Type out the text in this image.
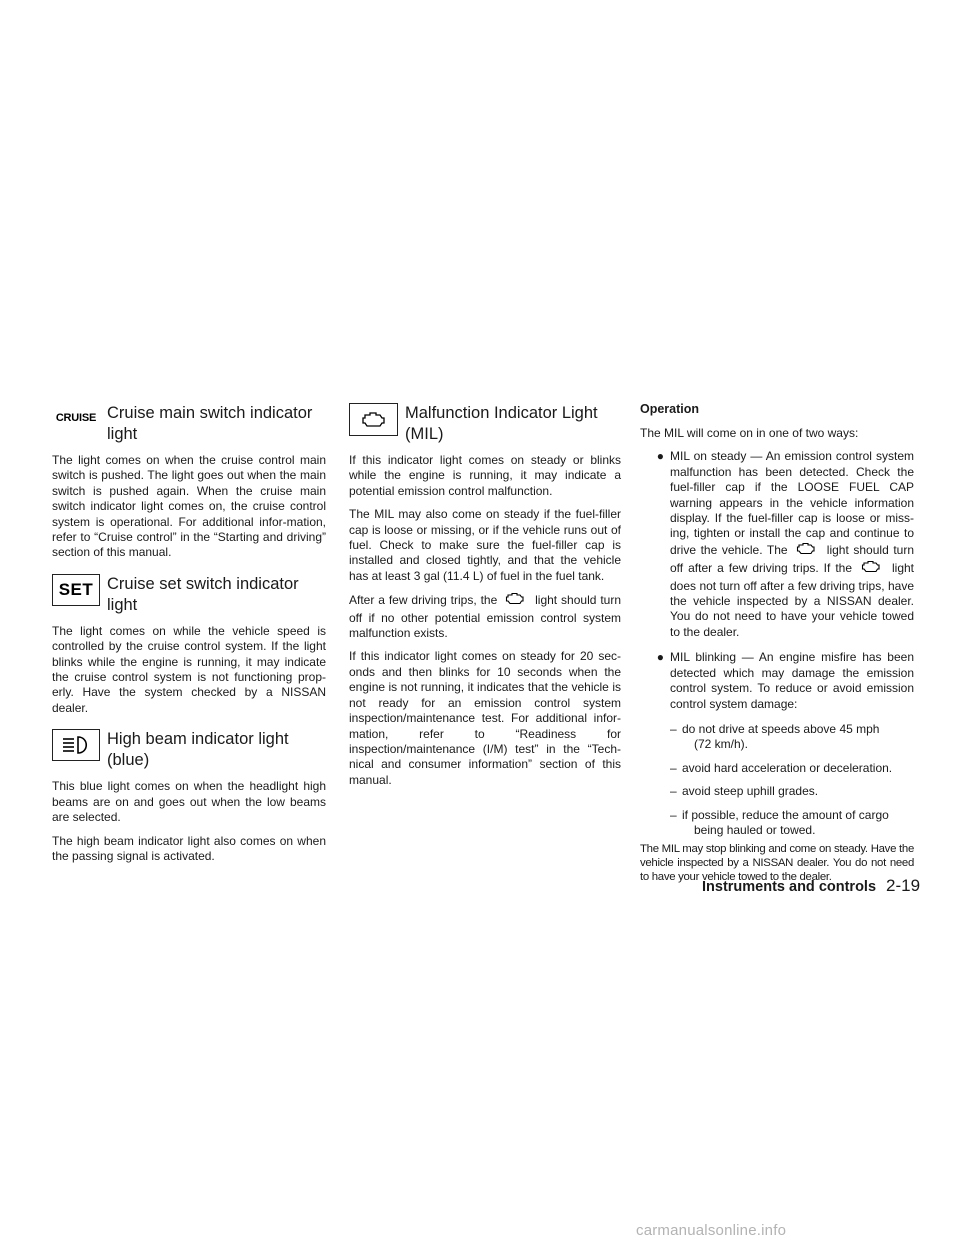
CRUISE Cruise main switch indicator
light

The light comes on when the cruise control main switch is pushed. The light goes out when the main switch is pushed again. When the cruise main switch indicator light comes on, the cruise control system is operational. For additional infor-mation, refer to “Cruise control” in the “Starting and driving” section of this manual.

SET Cruise set switch indicator
light

The light comes on while the vehicle speed is controlled by the cruise control system. If the light blinks while the engine is running, it may indicate the cruise control system is not functioning prop-erly. Have the system checked by a NISSAN dealer.

High beam indicator light
(blue)

This blue light comes on when the headlight high beams are on and goes out when the low beams are selected.

The high beam indicator light also comes on when the passing signal is activated.

Malfunction Indicator Light
(MIL)

If this indicator light comes on steady or blinks while the engine is running, it may indicate a potential emission control malfunction.

The MIL may also come on steady if the fuel-filler cap is loose or missing, or if the vehicle runs out of fuel. Check to make sure the fuel-filler cap is installed and closed tightly, and that the vehicle has at least 3 gal (11.4 L) of fuel in the fuel tank.

After a few driving trips, the	light should turn off if no other potential emission control system malfunction exists.

If this indicator light comes on steady for 20 sec-onds and then blinks for 10 seconds when the engine is not running, it indicates that the vehicle is not ready for an emission control system inspection/maintenance test. For additional infor-mation, refer to “Readiness for inspection/maintenance (I/M) test” in the “Tech-nical and consumer information” section of this manual.

Operation

The MIL will come on in one of two ways:

● MIL on steady — An emission control system malfunction has been detected. Check the fuel-filler cap if the LOOSE FUEL CAP warning appears in the vehicle information display. If the fuel-filler cap is loose or miss-ing, tighten or install the cap and continue to drive the vehicle. The	light should turn off after a few driving trips. If the	light does not turn off after a few driving trips, have the vehicle inspected by a NISSAN dealer. You do not need to have your vehicle towed to the dealer.
● MIL blinking — An engine misfire has been detected which may damage the emission control system. To reduce or avoid emission control system damage:
– do not drive at speeds above 45 mph
(72 km/h).
– avoid hard acceleration or deceleration.
– avoid steep uphill grades.
– if possible, reduce the amount of cargo
being hauled or towed.

The MIL may stop blinking and come on steady. Have the vehicle inspected by a NISSAN dealer. You do not need to have your vehicle towed to the dealer.

Instruments and controls 2-19
carmanualsonline.info
